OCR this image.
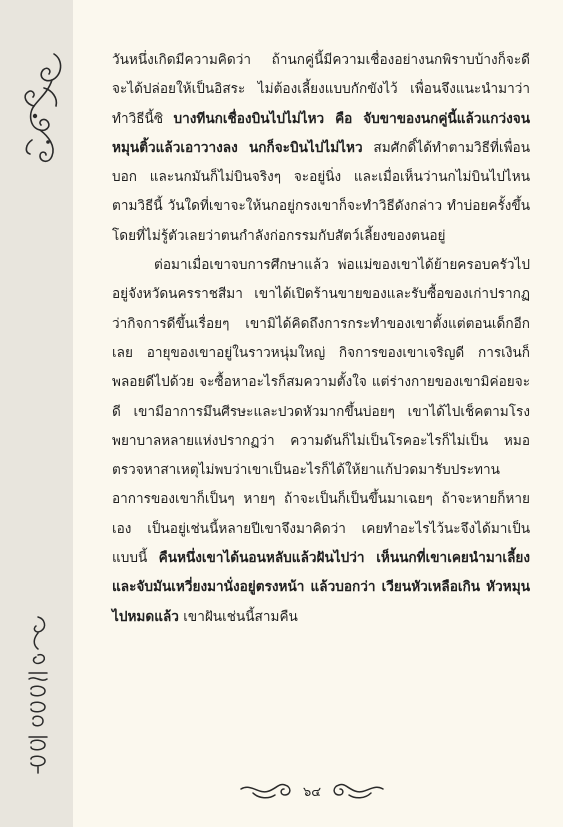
วันหนึ่งเกิดมีความคิดว่า ถ้านกคู่นี้มีความเชื่องอย่างนกพิราบบ้างก็จะดี จะได้ปล่อยให้เป็นอิสระ ไม่ต้องเลี้ยงแบบกักขังไว้ เพื่อนจึงแนะนำมาว่า ทำวิธีนี้ซิ บางทีนกเชื่องบินไปไม่ไหว คือ จับขาของนกคู่นี้แล้วแกว่งจนหมุนติ้วแล้วเอาวางลง นกก็จะบินไปไม่ไหว สมศักดิ์ได้ทำตามวิธีที่เพื่อนบอก และนกมันก็ไม่บินจริงๆ จะอยู่นิ่ง และเมื่อเห็นว่านกไม่บินไปไหนตามวิธีนี้ วันใดที่เขาจะให้นกอยู่กรงเขาก็จะทำวิธีดังกล่าว ทำบ่อยครั้งขึ้นโดยที่ไม่รู้ตัวเลยว่าตนกำลังก่อกรรมกับสัตว์เลี้ยงของตนอยู่

ต่อมาเมื่อเขาจบการศึกษาแล้ว พ่อแม่ของเขาได้ย้ายครอบครัวไปอยู่จังหวัดนครราชสีมา เขาได้เปิดร้านขายของและรับซื้อของเก่าปรากฏว่ากิจการดีขึ้นเรื่อยๆ เขามิได้คิดถึงการกระทำของเขาตั้งแต่ตอนเด็กอีกเลย อายุของเขาอยู่ในราวหนุ่มใหญ่ กิจการของเขาเจริญดี การเงินก็พลอยดีไปด้วย จะซื้อหาอะไรก็สมความตั้งใจ แต่ร่างกายของเขามิค่อยจะดี เขามีอาการมึนศีรษะและปวดหัวมากขึ้นบ่อยๆ เขาได้ไปเช็คตามโรงพยาบาลหลายแห่งปรากฏว่า ความดันก็ไม่เป็นโรคอะไรก็ไม่เป็น หมอตรวจหาสาเหตุไม่พบว่าเขาเป็นอะไรก็ได้ให้ยาแก้ปวดมารับประทาน อาการของเขาก็เป็นๆ หายๆ ถ้าจะเป็นก็เป็นขึ้นมาเฉยๆ ถ้าจะหายก็หายเอง เป็นอยู่เช่นนี้หลายปีเขาจึงมาคิดว่า เคยทำอะไรไว้นะจึงได้มาเป็นแบบนี้ คืนหนึ่งเขาได้นอนหลับแล้วฝันไปว่า เห็นนกที่เขาเคยนำมาเลี้ยงและจับมันเหวี่ยงมานั่งอยู่ตรงหน้า แล้วบอกว่า เวียนหัวเหลือเกิน หัวหมุนไปหมดแล้ว เขาฝันเช่นนี้สามคืน

๖๔
